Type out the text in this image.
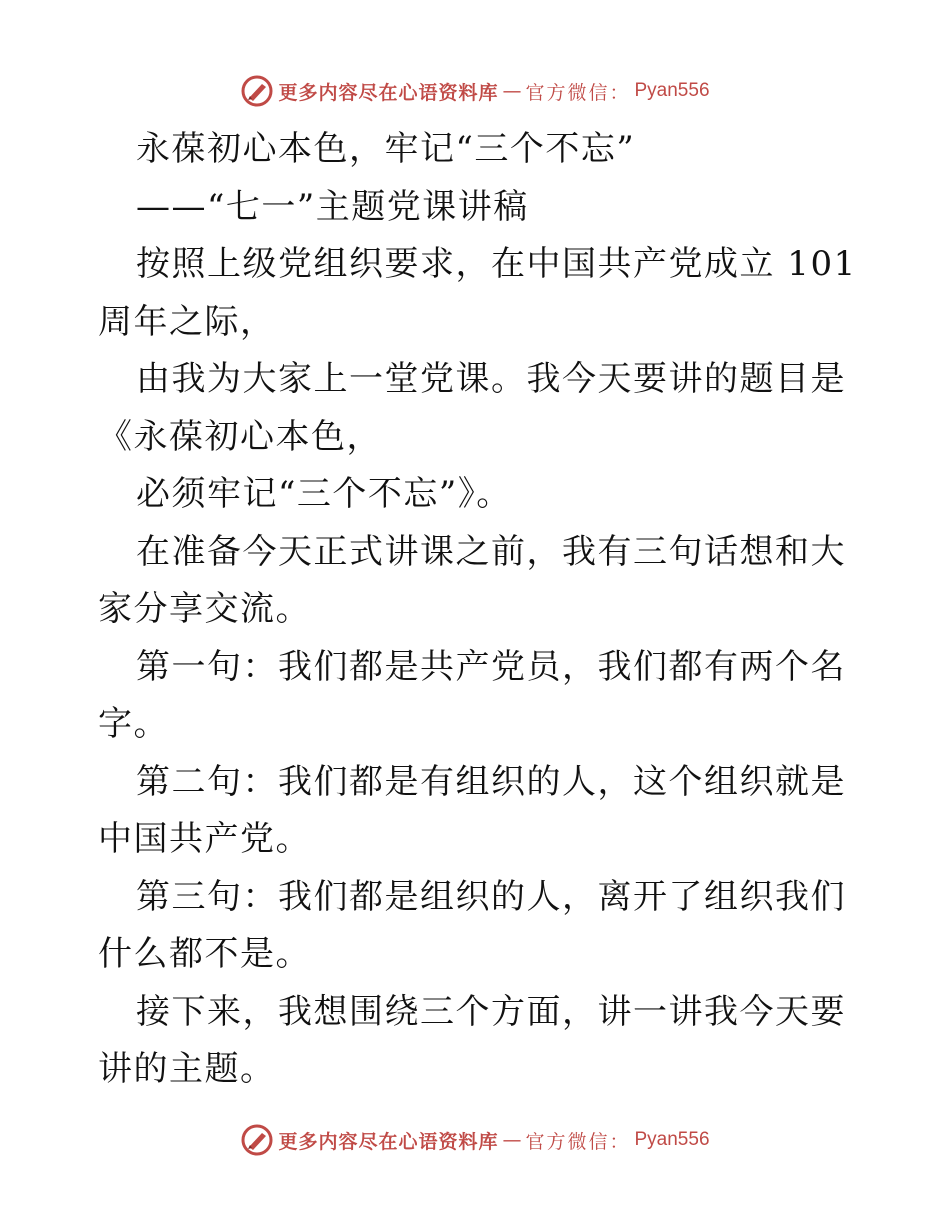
更多内容尽在心语资料库 — 官方微信： Pyan556

永葆初心本色，牢记“三个不忘”

——“七一”主题党课讲稿

按照上级党组织要求，在中国共产党成立 101 周年之际，

由我为大家上一堂党课。我今天要讲的题目是《永葆初心本色，

必须牢记“三个不忘”》。

在准备今天正式讲课之前，我有三句话想和大家分享交流。

第一句：我们都是共产党员，我们都有两个名字。

第二句：我们都是有组织的人，这个组织就是中国共产党。

第三句：我们都是组织的人，离开了组织我们什么都不是。

接下来，我想围绕三个方面，讲一讲我今天要讲的主题。

更多内容尽在心语资料库 — 官方微信： Pyan556
